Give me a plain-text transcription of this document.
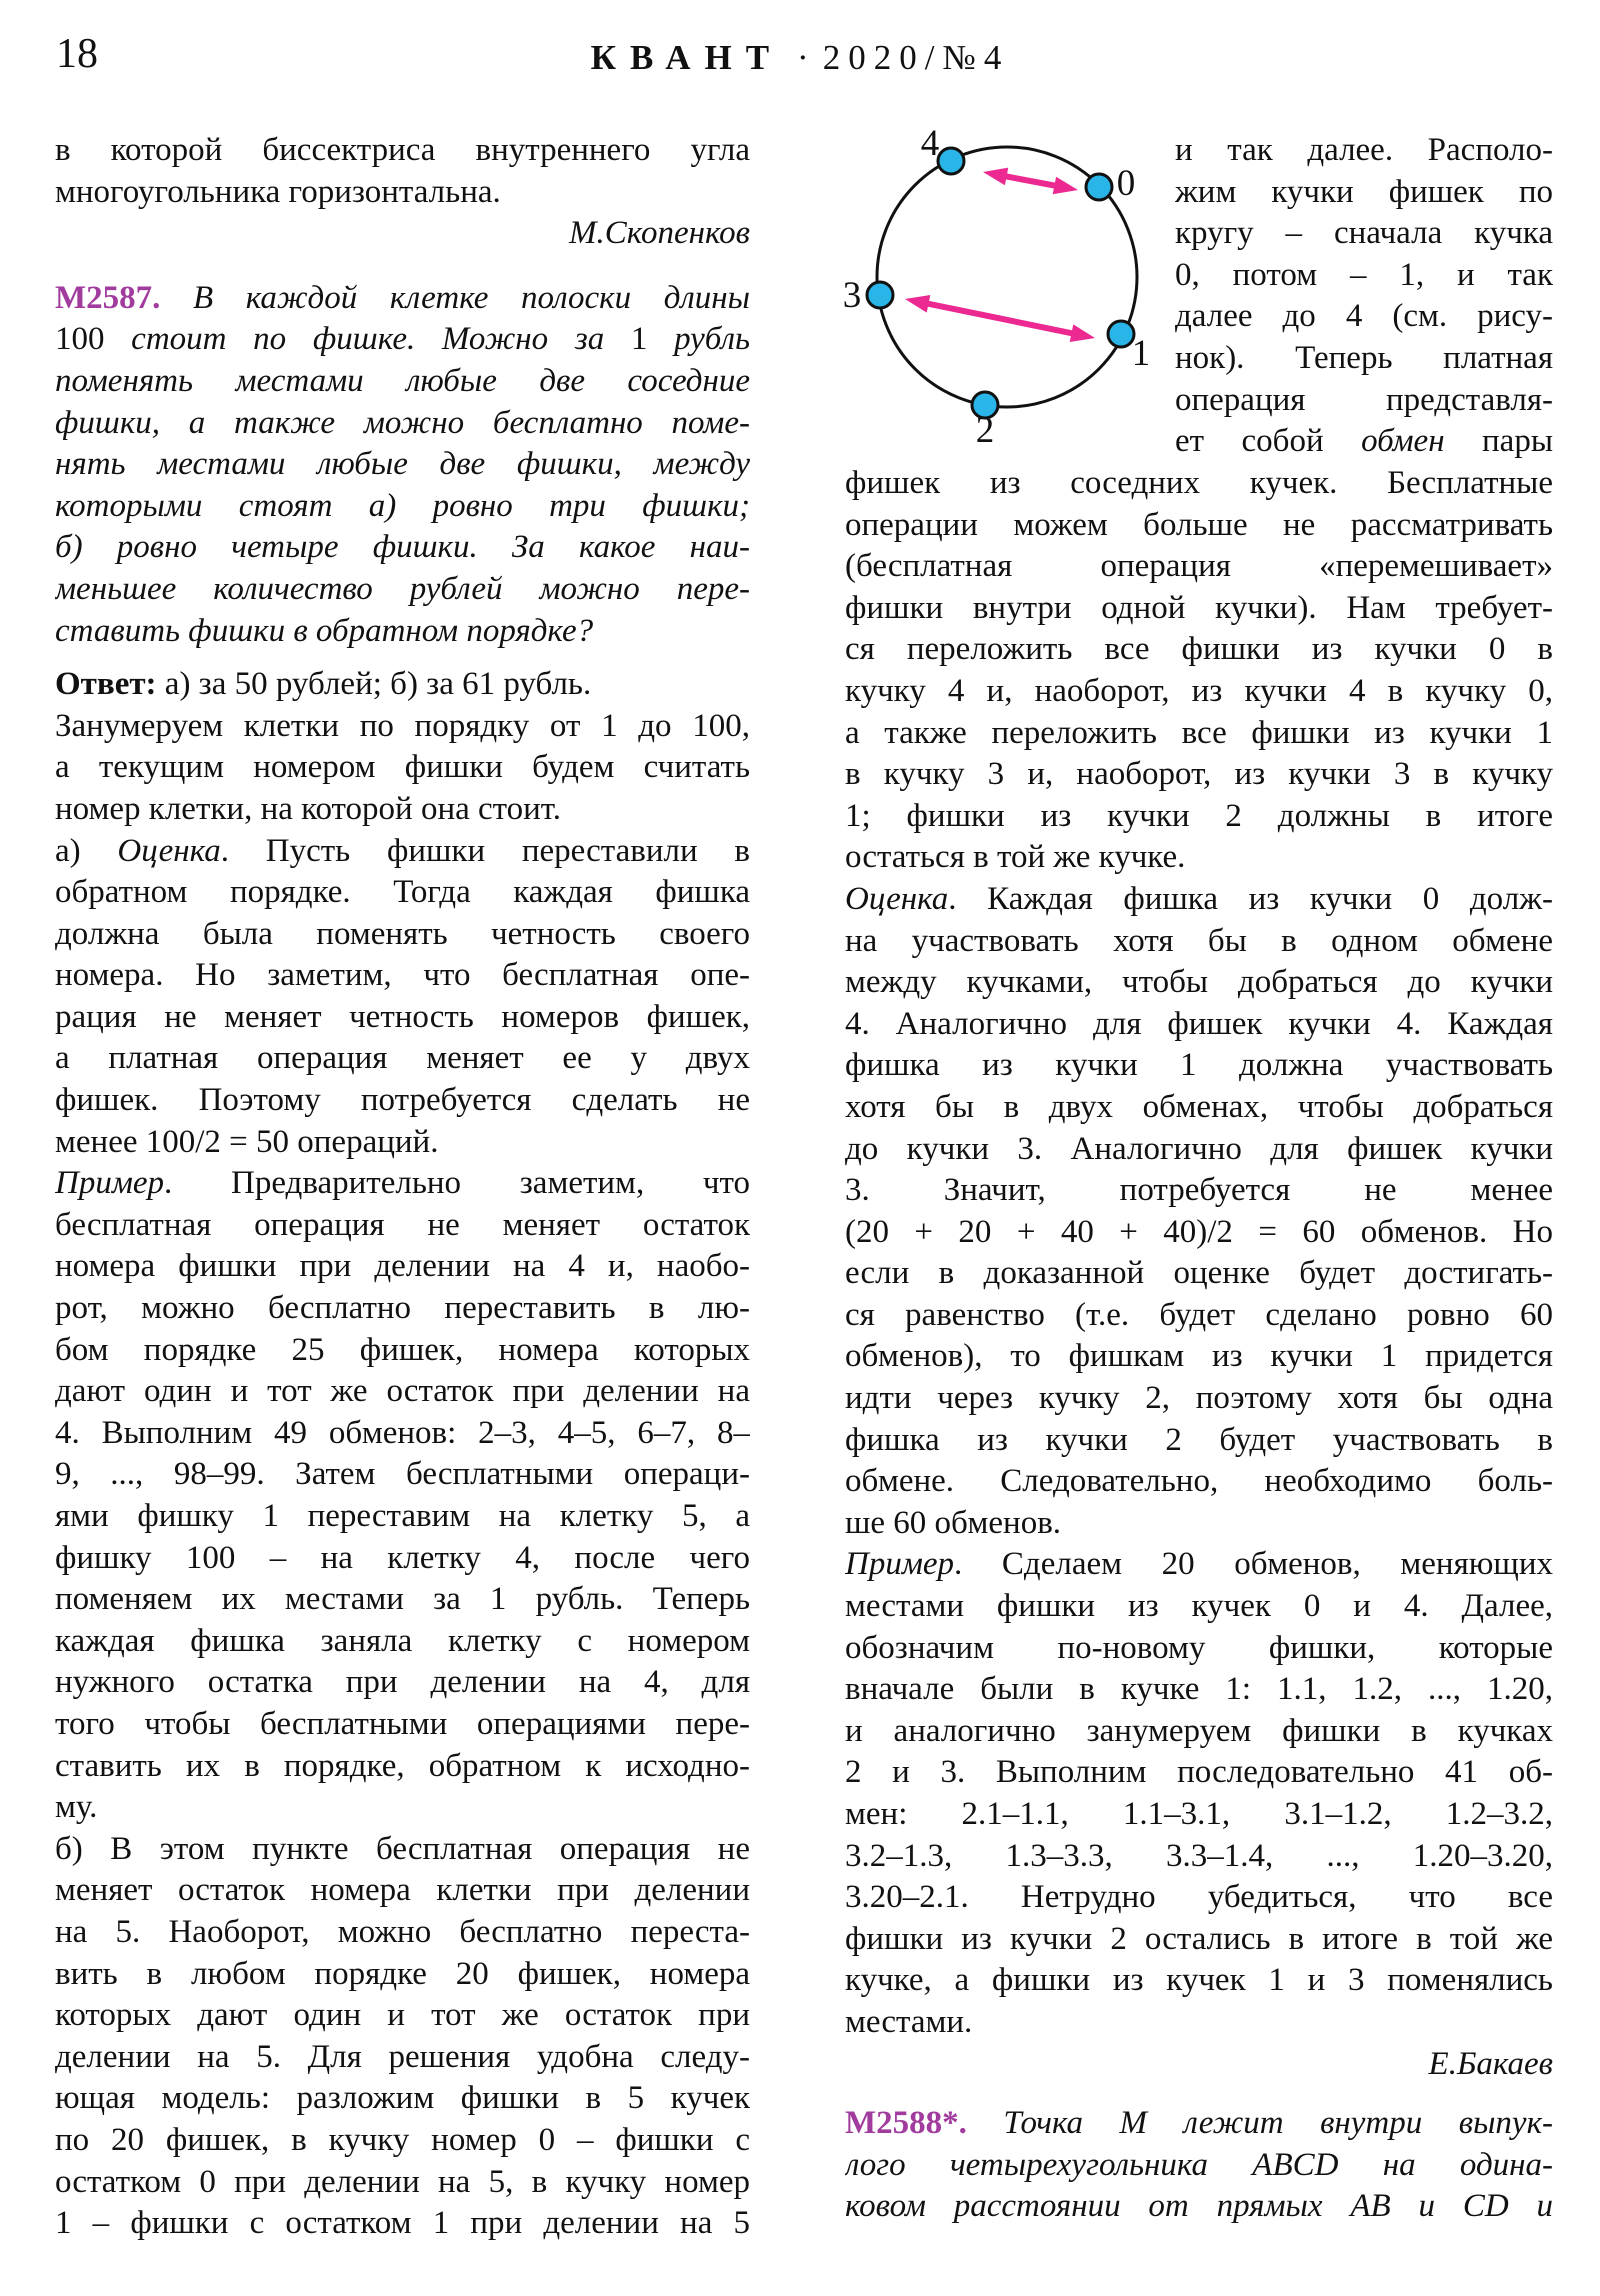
18	КВАНТ · 2020/№4
в которой биссектриса внутреннего угла
многоугольника горизонтальна.
М.Скопенков
М2587. В каждой клетке полоски длины
100 стоит по фишке. Можно за 1 рубль
поменять местами любые две соседние
фишки, а также можно бесплатно поме-
нять местами любые две фишки, между
которыми стоят а) ровно три фишки;
б) ровно четыре фишки. За какое наи-
меньшее количество рублей можно пере-
ставить фишки в обратном порядке?
Ответ: а) за 50 рублей; б) за 61 рубль.
Занумеруем клетки по порядку от 1 до 100,
а текущим номером фишки будем считать
номер клетки, на которой она стоит.
а) Оценка. Пусть фишки переставили в
обратном порядке. Тогда каждая фишка
должна была поменять четность своего
номера. Но заметим, что бесплатная опе-
рация не меняет четность номеров фишек,
а платная операция меняет ее у двух
фишек. Поэтому потребуется сделать не
менее 100/2 = 50 операций.
Пример. Предварительно заметим, что
бесплатная операция не меняет остаток
номера фишки при делении на 4 и, наобо-
рот, можно бесплатно переставить в лю-
бом порядке 25 фишек, номера которых
дают один и тот же остаток при делении на
4. Выполним 49 обменов: 2–3, 4–5, 6–7, 8–
9, ..., 98–99. Затем бесплатными операци-
ями фишку 1 переставим на клетку 5, а
фишку 100 – на клетку 4, после чего
поменяем их местами за 1 рубль. Теперь
каждая фишка заняла клетку с номером
нужного остатка при делении на 4, для
того чтобы бесплатными операциями пере-
ставить их в порядке, обратном к исходно-
му.
б) В этом пункте бесплатная операция не
меняет остаток номера клетки при делении
на 5. Наоборот, можно бесплатно переста-
вить в любом порядке 20 фишек, номера
которых дают один и тот же остаток при
делении на 5. Для решения удобна следу-
ющая модель: разложим фишки в 5 кучек
по 20 фишек, в кучку номер 0 – фишки с
остатком 0 при делении на 5, в кучку номер
1 – фишки с остатком 1 при делении на 5
4
0
3
1
2
и так далее. Располо-
жим кучки фишек по
кругу – сначала кучка
0, потом – 1, и так
далее до 4 (см. рису-
нок). Теперь платная
операция представля-
ет собой обмен пары
фишек из соседних кучек. Бесплатные
операции можем больше не рассматривать
(бесплатная операция «перемешивает»
фишки внутри одной кучки). Нам требует-
ся переложить все фишки из кучки 0 в
кучку 4 и, наоборот, из кучки 4 в кучку 0,
а также переложить все фишки из кучки 1
в кучку 3 и, наоборот, из кучки 3 в кучку
1; фишки из кучки 2 должны в итоге
остаться в той же кучке.
Оценка. Каждая фишка из кучки 0 долж-
на участвовать хотя бы в одном обмене
между кучками, чтобы добраться до кучки
4. Аналогично для фишек кучки 4. Каждая
фишка из кучки 1 должна участвовать
хотя бы в двух обменах, чтобы добраться
до кучки 3. Аналогично для фишек кучки
3. Значит, потребуется не менее
(20 + 20 + 40 + 40)/2 = 60 обменов. Но
если в доказанной оценке будет достигать-
ся равенство (т.е. будет сделано ровно 60
обменов), то фишкам из кучки 1 придется
идти через кучку 2, поэтому хотя бы одна
фишка из кучки 2 будет участвовать в
обмене. Следовательно, необходимо боль-
ше 60 обменов.
Пример. Сделаем 20 обменов, меняющих
местами фишки из кучек 0 и 4. Далее,
обозначим по-новому фишки, которые
вначале были в кучке 1: 1.1, 1.2, ..., 1.20,
и аналогично занумеруем фишки в кучках
2 и 3. Выполним последовательно 41 об-
мен: 2.1–1.1, 1.1–3.1, 3.1–1.2, 1.2–3.2,
3.2–1.3, 1.3–3.3, 3.3–1.4, ..., 1.20–3.20,
3.20–2.1. Нетрудно убедиться, что все
фишки из кучки 2 остались в итоге в той же
кучке, а фишки из кучек 1 и 3 поменялись
местами.
Е.Бакаев
М2588*. Точка M лежит внутри выпук-
лого четырехугольника ABCD на одина-
ковом расстоянии от прямых AB и CD и
